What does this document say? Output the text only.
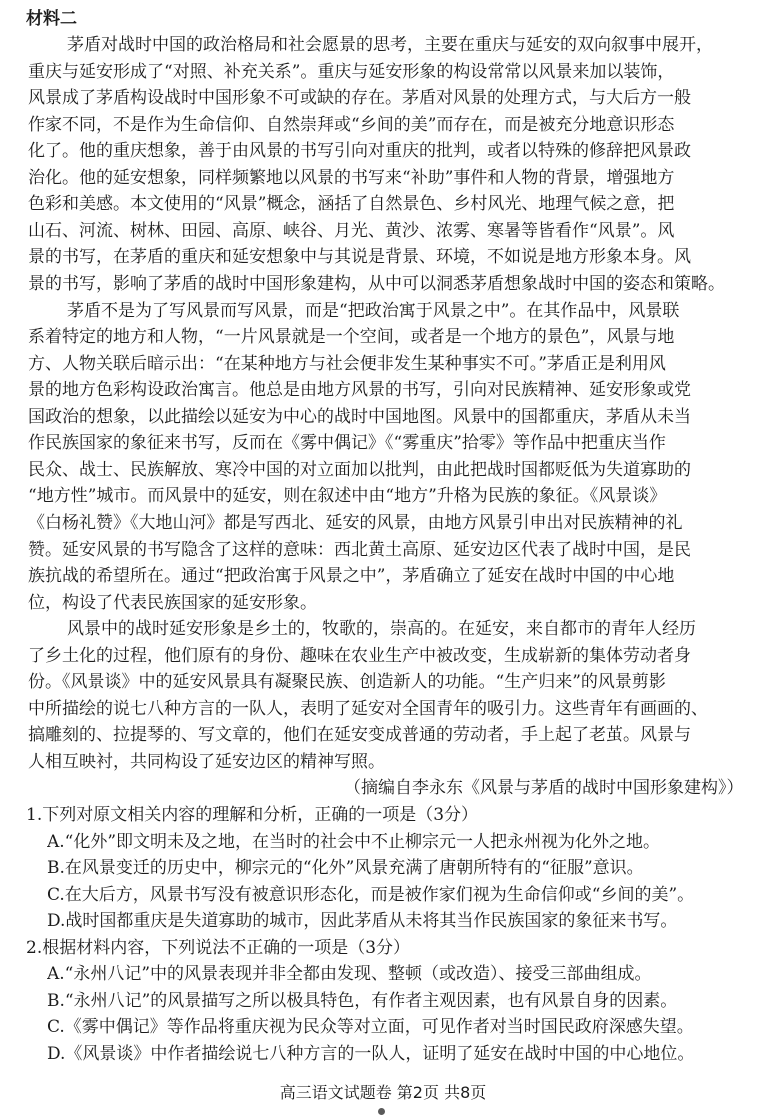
材料二
茅盾对战时中国的政治格局和社会愿景的思考，主要在重庆与延安的双向叙事中展开，
重庆与延安形成了“对照、补充关系”。重庆与延安形象的构设常常以风景来加以装饰，
风景成了茅盾构设战时中国形象不可或缺的存在。茅盾对风景的处理方式，与大后方一般
作家不同，不是作为生命信仰、自然崇拜或“乡间的美”而存在，而是被充分地意识形态
化了。他的重庆想象，善于由风景的书写引向对重庆的批判，或者以特殊的修辞把风景政
治化。他的延安想象，同样频繁地以风景的书写来“补助”事件和人物的背景，增强地方
色彩和美感。本文使用的“风景”概念，涵括了自然景色、乡村风光、地理气候之意，把
山石、河流、树林、田园、高原、峡谷、月光、黄沙、浓雾、寒暑等皆看作“风景”。风
景的书写，在茅盾的重庆和延安想象中与其说是背景、环境，不如说是地方形象本身。风
景的书写，影响了茅盾的战时中国形象建构，从中可以洞悉茅盾想象战时中国的姿态和策略。
茅盾不是为了写风景而写风景，而是“把政治寓于风景之中”。在其作品中，风景联
系着特定的地方和人物，“一片风景就是一个空间，或者是一个地方的景色”，风景与地
方、人物关联后暗示出：“在某种地方与社会便非发生某种事实不可。”茅盾正是利用风
景的地方色彩构设政治寓言。他总是由地方风景的书写，引向对民族精神、延安形象或党
国政治的想象，以此描绘以延安为中心的战时中国地图。风景中的国都重庆，茅盾从未当
作民族国家的象征来书写，反而在《雾中偶记》《“雾重庆”拾零》等作品中把重庆当作
民众、战士、民族解放、寒冷中国的对立面加以批判，由此把战时国都贬低为失道寡助的
“地方性”城市。而风景中的延安，则在叙述中由“地方”升格为民族的象征。《风景谈》
《白杨礼赞》《大地山河》都是写西北、延安的风景，由地方风景引申出对民族精神的礼
赞。延安风景的书写隐含了这样的意味：西北黄土高原、延安边区代表了战时中国，是民
族抗战的希望所在。通过“把政治寓于风景之中”，茅盾确立了延安在战时中国的中心地
位，构设了代表民族国家的延安形象。
风景中的战时延安形象是乡土的，牧歌的，崇高的。在延安，来自都市的青年人经历
了乡土化的过程，他们原有的身份、趣味在农业生产中被改变，生成崭新的集体劳动者身
份。《风景谈》中的延安风景具有凝聚民族、创造新人的功能。“生产归来”的风景剪影
中所描绘的说七八种方言的一队人，表明了延安对全国青年的吸引力。这些青年有画画的、
搞雕刻的、拉提琴的、写文章的，他们在延安变成普通的劳动者，手上起了老茧。风景与
人相互映衬，共同构设了延安边区的精神写照。
（摘编自李永东《风景与茅盾的战时中国形象建构》）
1.下列对原文相关内容的理解和分析，正确的一项是（3分）
A.“化外”即文明未及之地，在当时的社会中不止柳宗元一人把永州视为化外之地。
B.在风景变迁的历史中，柳宗元的“化外”风景充满了唐朝所特有的“征服”意识。
C.在大后方，风景书写没有被意识形态化，而是被作家们视为生命信仰或“乡间的美”。
D.战时国都重庆是失道寡助的城市，因此茅盾从未将其当作民族国家的象征来书写。
2.根据材料内容，下列说法不正确的一项是（3分）
A.“永州八记”中的风景表现并非全都由发现、整顿（或改造）、接受三部曲组成。
B.“永州八记”的风景描写之所以极具特色，有作者主观因素，也有风景自身的因素。
C.《雾中偶记》等作品将重庆视为民众等对立面，可见作者对当时国民政府深感失望。
D.《风景谈》中作者描绘说七八种方言的一队人，证明了延安在战时中国的中心地位。
高三语文试题卷 第2页 共8页
